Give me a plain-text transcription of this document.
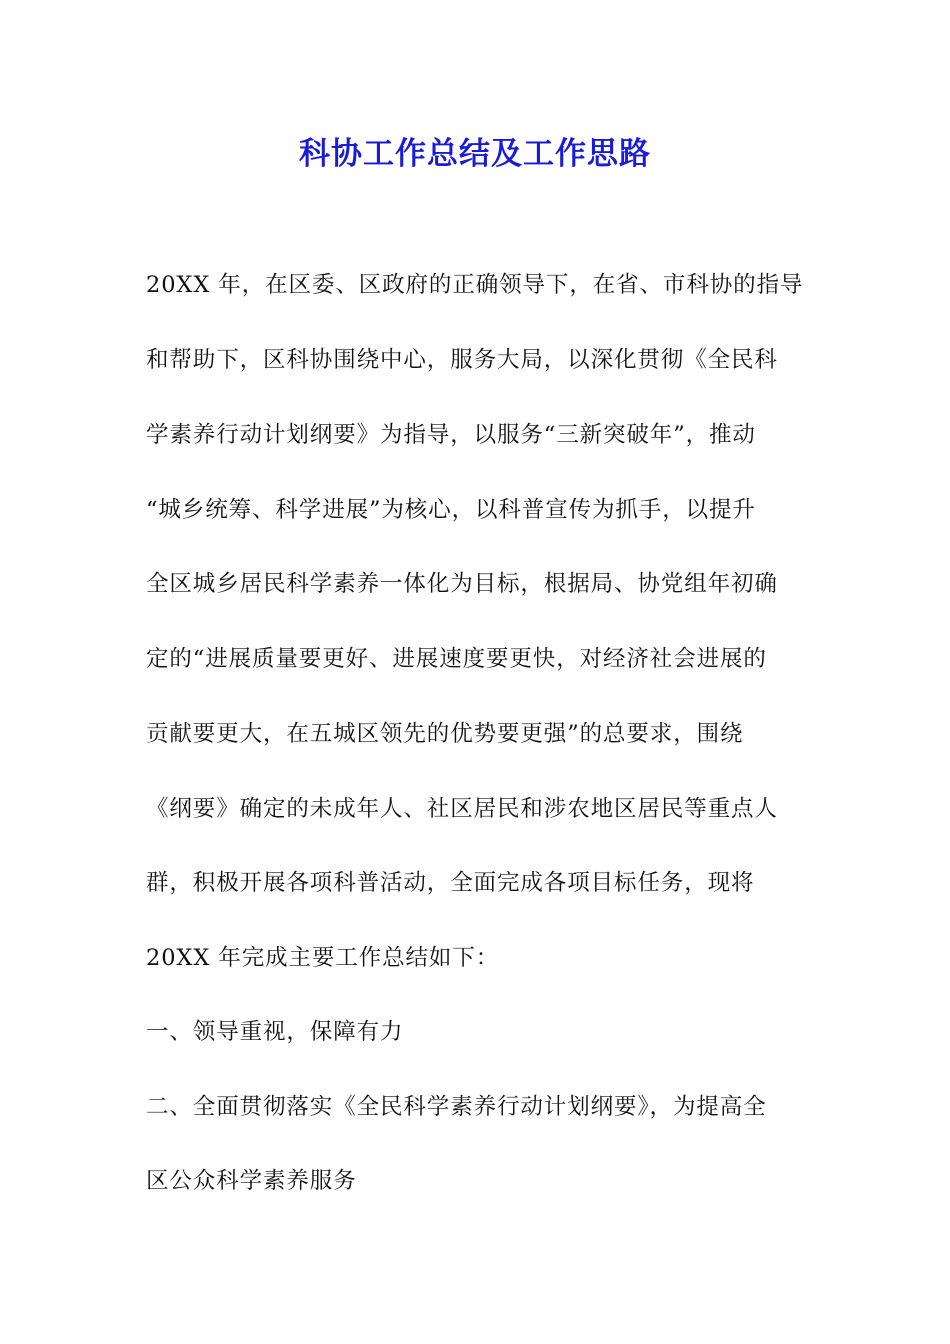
科协工作总结及工作思路

20XX 年，在区委、区政府的正确领导下，在省、市科协的指导

和帮助下，区科协围绕中心，服务大局，以深化贯彻《全民科

学素养行动计划纲要》为指导，以服务“三新突破年”，推动

“城乡统筹、科学进展”为核心，以科普宣传为抓手，以提升

全区城乡居民科学素养一体化为目标，根据局、协党组年初确

定的“进展质量要更好、进展速度要更快，对经济社会进展的

贡献要更大，在五城区领先的优势要更强”的总要求，围绕

《纲要》确定的未成年人、社区居民和涉农地区居民等重点人

群，积极开展各项科普活动，全面完成各项目标任务，现将

20XX 年完成主要工作总结如下：

一、领导重视，保障有力

二、全面贯彻落实《全民科学素养行动计划纲要》，为提高全

区公众科学素养服务
